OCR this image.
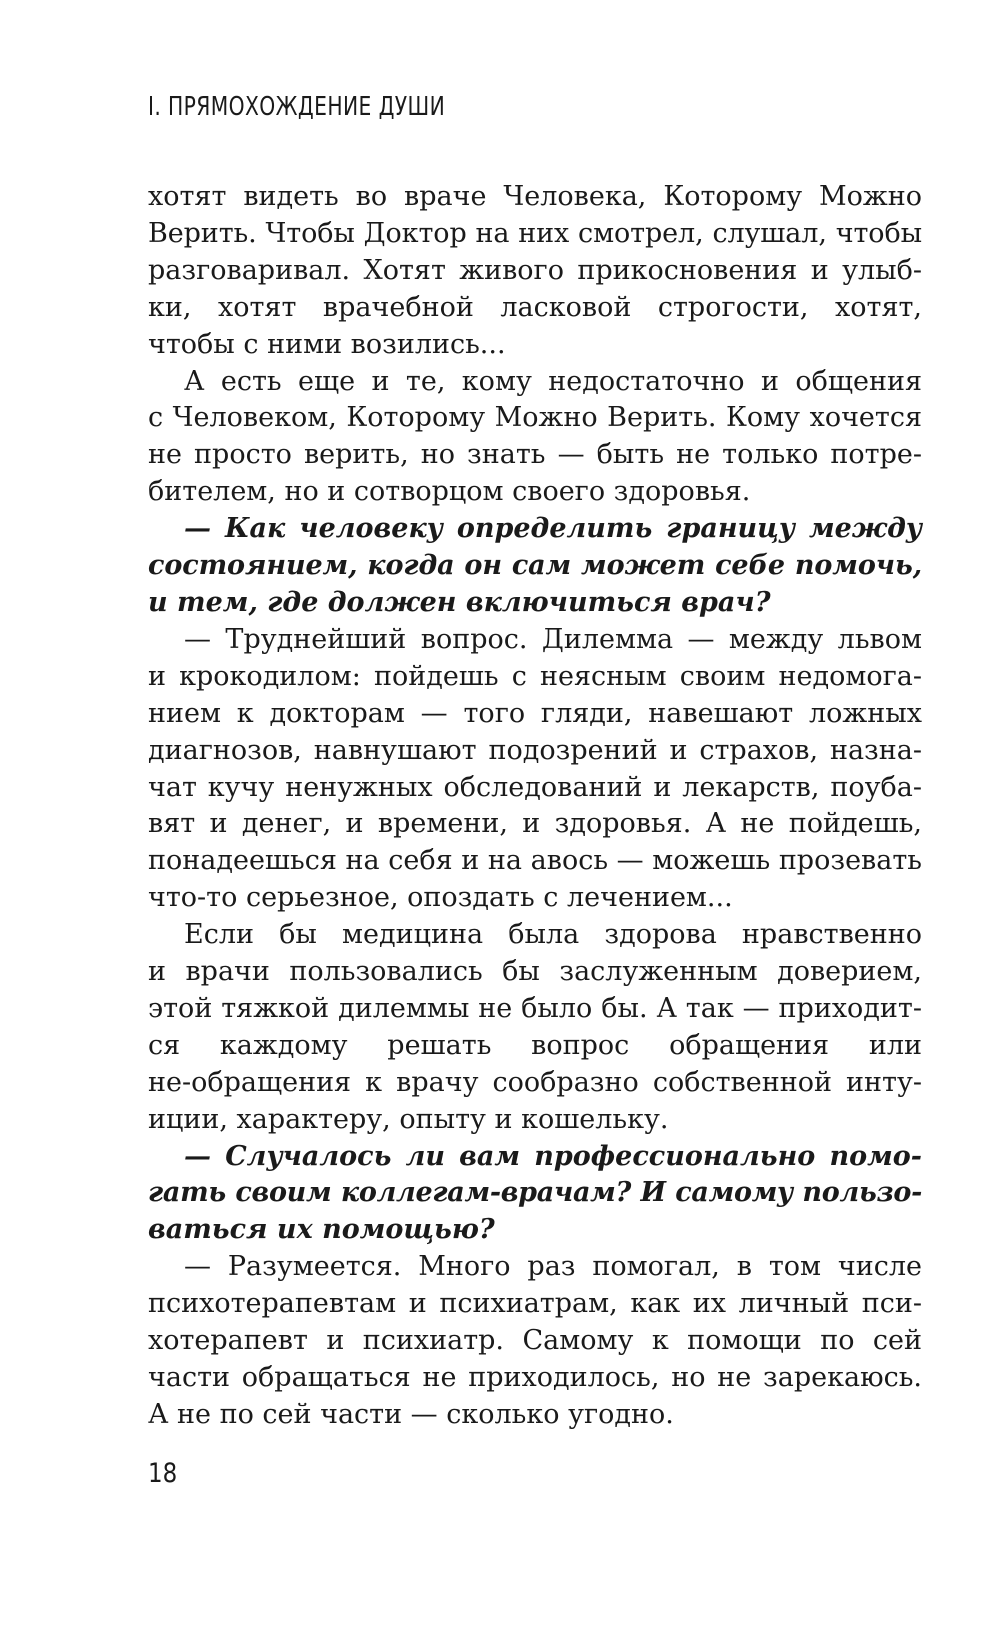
I. ПРЯМОХОЖДЕНИЕ ДУШИ
хотят видеть во враче Человека, Которому Можно
Верить. Чтобы Доктор на них смотрел, слушал, чтобы
разговаривал. Хотят живого прикосновения и улыб-
ки, хотят врачебной ласковой строгости, хотят,
чтобы с ними возились...
А есть еще и те, кому недостаточно и общения
с Человеком, Которому Можно Верить. Кому хочется
не просто верить, но знать — быть не только потре-
бителем, но и сотворцом своего здоровья.
— Как человеку определить границу между
состоянием, когда он сам может себе помочь,
и тем, где должен включиться врач?
— Труднейший вопрос. Дилемма — между львом
и крокодилом: пойдешь с неясным своим недомога-
нием к докторам — того гляди, навешают ложных
диагнозов, навнушают подозрений и страхов, назна-
чат кучу ненужных обследований и лекарств, поуба-
вят и денег, и времени, и здоровья. А не пойдешь,
понадеешься на себя и на авось — можешь прозевать
что-то серьезное, опоздать с лечением...
Если бы медицина была здорова нравственно
и врачи пользовались бы заслуженным доверием,
этой тяжкой дилеммы не было бы. А так — приходит-
ся каждому решать вопрос обращения или
не-обращения к врачу сообразно собственной инту-
иции, характеру, опыту и кошельку.
— Случалось ли вам профессионально помо-
гать своим коллегам-врачам? И самому пользо-
ваться их помощью?
— Разумеется. Много раз помогал, в том числе
психотерапевтам и психиатрам, как их личный пси-
хотерапевт и психиатр. Самому к помощи по сей
части обращаться не приходилось, но не зарекаюсь.
А не по сей части — сколько угодно.
18
